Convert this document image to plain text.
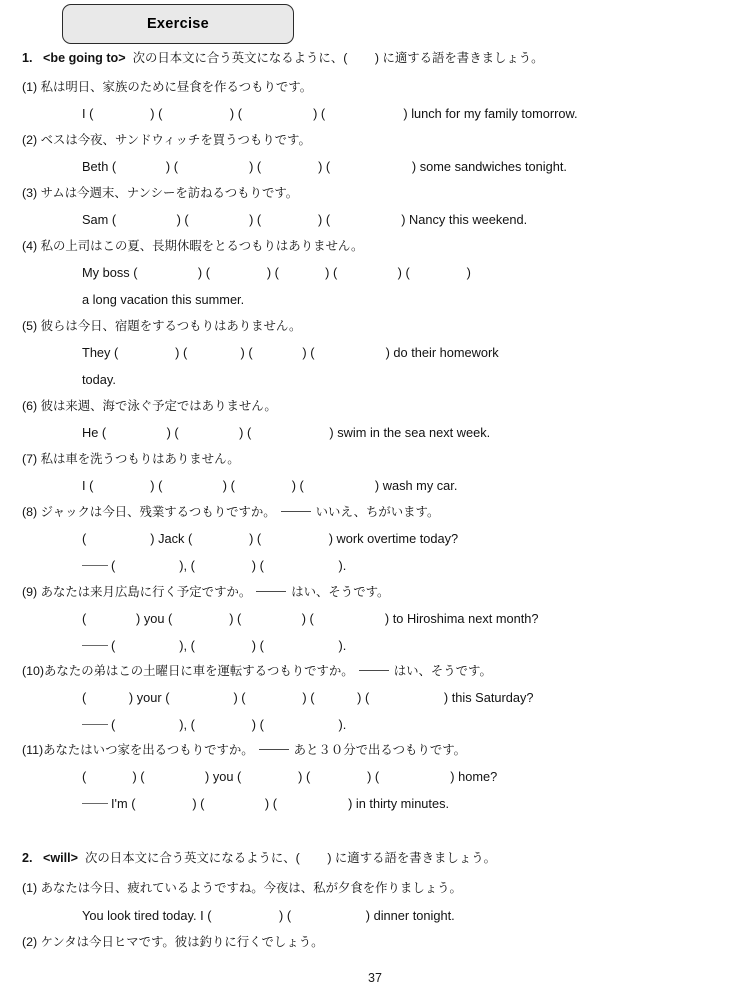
Exercise
1. <be going to> 次の日本文に合う英文になるように、(        ) に適する語を書きましょう。
(1) 私は明日、家族のために昼食を作るつもりです。
I (                ) (                   ) (                    ) (                      ) lunch for my family tomorrow.
(2) ベスは今夜、サンドウィッチを買うつもりです。
Beth (              ) (                    ) (                ) (                       ) some sandwiches tonight.
(3) サムは今週末、ナンシーを訪ねるつもりです。
Sam (                 ) (                 ) (                ) (                    ) Nancy this weekend.
(4) 私の上司はこの夏、長期休暇をとるつもりはありません。
My boss (                 ) (                ) (             ) (                 ) (                )
a long vacation this summer.
(5) 彼らは今日、宿題をするつもりはありません。
They (                ) (               ) (              ) (                    ) do their homework
today.
(6) 彼は来週、海で泳ぐ予定ではありません。
He (                 ) (                 ) (                      ) swim in the sea next week.
(7) 私は車を洗うつもりはありません。
I (                ) (                 ) (                ) (                    ) wash my car.
(8) ジャックは今日、残業するつもりですか。	いいえ、ちがいます。
(                  ) Jack (                ) (                   ) work overtime today?
(                  ), (                ) (                     ).
(9) あなたは来月広島に行く予定ですか。	はい、そうです。
(              ) you (                ) (                 ) (                    ) to Hiroshima next month?
(                  ), (                ) (                     ).
(10)あなたの弟はこの土曜日に車を運転するつもりですか。	はい、そうです。
(            ) your (                  ) (                ) (            ) (                     ) this Saturday?
(                  ), (                ) (                     ).
(11)あなたはいつ家を出るつもりですか。	あと３０分で出るつもりです。
(             ) (                 ) you (                ) (                ) (                    ) home?
I'm (                ) (                 ) (                    ) in thirty minutes.
2. <will> 次の日本文に合う英文になるように、(        ) に適する語を書きましょう。
(1) あなたは今日、疲れているようですね。今夜は、私が夕食を作りましょう。
You look tired today. I (                   ) (                     ) dinner tonight.
(2) ケンタは今日ヒマです。彼は釣りに行くでしょう。
37
